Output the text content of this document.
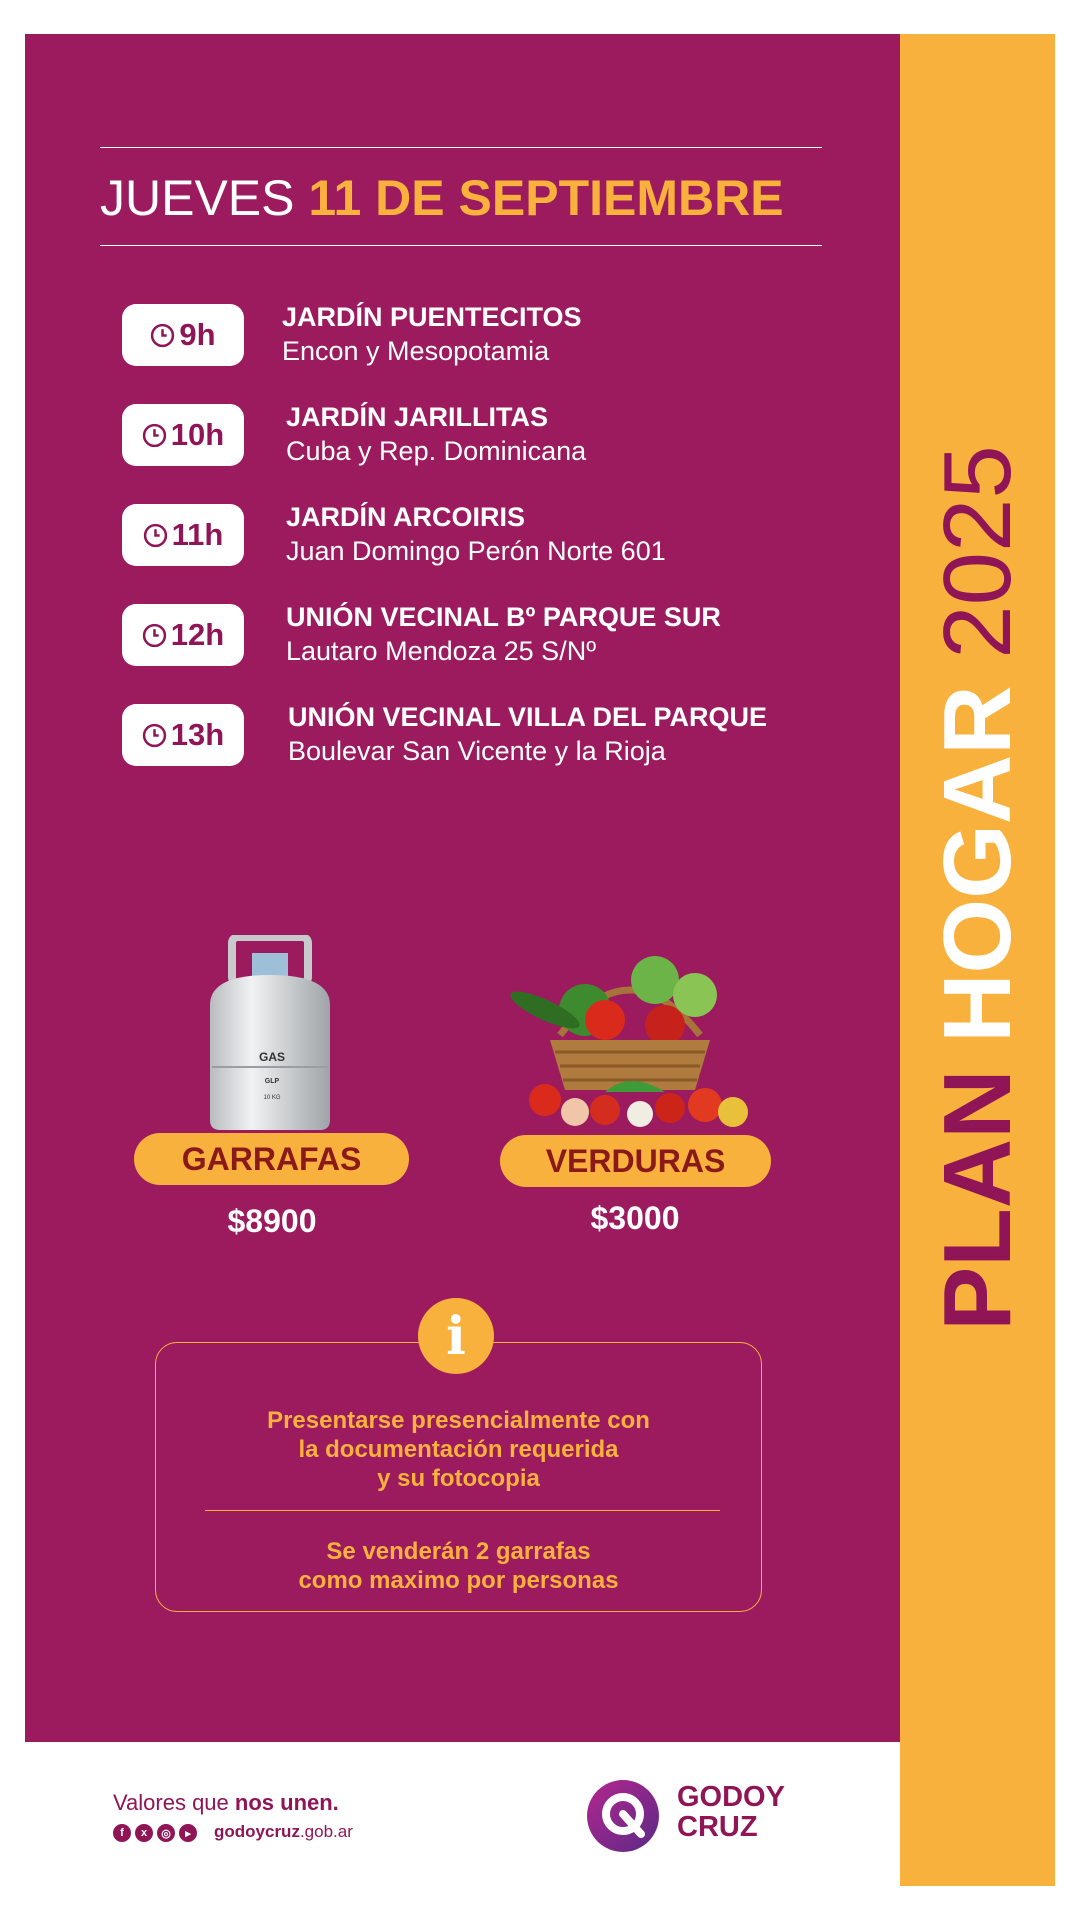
PLAN HOGAR 2025
JUEVES 11 DE SEPTIEMBRE
9h JARDÍN PUENTECITOS
Encon y Mesopotamia
10h JARDÍN JARILLITAS
Cuba y Rep. Dominicana
11h JARDÍN ARCOIRIS
Juan Domingo Perón Norte 601
12h UNIÓN VECINAL Bº PARQUE SUR
Lautaro Mendoza 25 S/Nº
13h UNIÓN VECINAL VILLA DEL PARQUE
Boulevar San Vicente y la Rioja
GAS
GLP
10 KG
GARRAFAS
$8900
VERDURAS
$3000
i
Presentarse presencialmente con
la documentación requerida
y su fotocopia
Se venderán 2 garrafas
como maximo por personas
Valores que nos unen.
f	x	◎	▸	godoycruz.gob.ar
GODOY
CRUZ
